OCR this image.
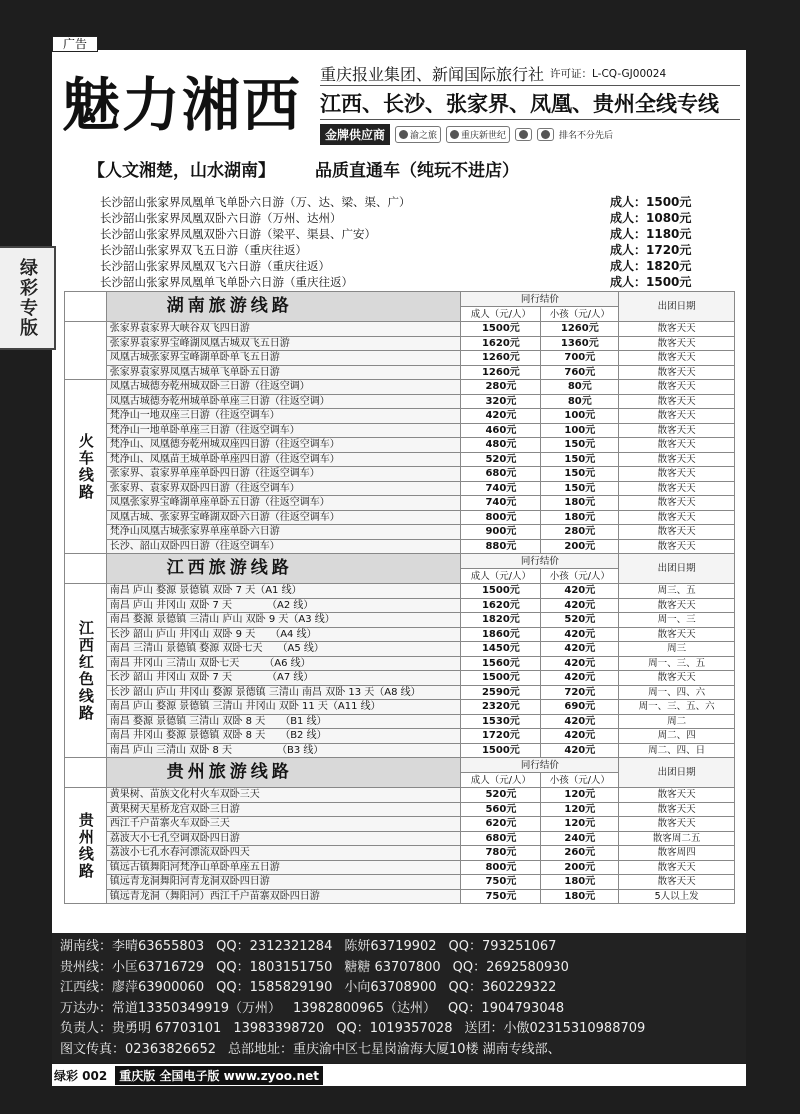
广告
绿彩专版
魅力湘西	重庆报业集团、新闻国际旅行社 许可证：L-CQ-GJ00024
江西、长沙、张家界、凤凰、贵州全线专线
金牌供应商	渝之旅	重庆新世纪	排名不分先后
【人文湘楚，山水湖南】 品质直通车（纯玩不进店）
长沙韶山张家界凤凰单飞单卧六日游（万、达、梁、渠、广）	成人：1500元
长沙韶山张家界凤凰双卧六日游（万州、达州）	成人：1080元
长沙韶山张家界凤凰双卧六日游（梁平、渠县、广安）	成人：1180元
长沙韶山张家界双飞五日游（重庆往返）	成人：1720元
长沙韶山张家界凤凰双飞六日游（重庆往返）	成人：1820元
长沙韶山张家界凤凰单飞单卧六日游（重庆往返）	成人：1500元
	湖南旅游线路	同行结价		出团日期
		成人（元/人）	小孩（元/人）	
	张家界袁家界大峡谷双飞四日游	1500元	1260元	散客天天
	张家界袁家界宝峰湖凤凰古城双飞五日游	1620元	1360元	散客天天
	凤凰古城张家界宝峰湖单卧单飞五日游	1260元	700元	散客天天
	张家界袁家界凤凰古城单飞单卧五日游	1260元	760元	散客天天
火车线路	凤凰古城德夯乾州城双卧三日游（往返空调）	280元	80元	散客天天
	凤凰古城德夯乾州城单卧单座三日游（往返空调）	320元	80元	散客天天
	梵净山一地双座三日游（往返空调车）	420元	100元	散客天天
	梵净山一地单卧单座三日游（往返空调车）	460元	100元	散客天天
	梵净山、凤凰德夯乾州城双座四日游（往返空调车）	480元	150元	散客天天
	梵净山、凤凰苗王城单卧单座四日游（往返空调车）	520元	150元	散客天天
	张家界、袁家界单座单卧四日游（往返空调车）	680元	150元	散客天天
	张家界、袁家界双卧四日游（往返空调车）	740元	150元	散客天天
	凤凰张家界宝峰湖单座单卧五日游（往返空调车）	740元	180元	散客天天
	凤凰古城、张家界宝峰湖双卧六日游（往返空调车）	800元	180元	散客天天
	梵净山凤凰古城张家界单座单卧六日游	900元	280元	散客天天
	长沙、韶山双卧四日游（往返空调车）	880元	200元	散客天天
	江西旅游线路	同行结价		出团日期
		成人（元/人）	小孩（元/人）	
江西红色线路	南昌 庐山 婺源 景德镇 双卧 7 天（A1 线）	1500元	420元	周三、五
	南昌 庐山 井冈山 双卧 7 天　　　　（A2 线）	1620元	420元	散客天天
	南昌 婺源 景德镇 三清山 庐山 双卧 9 天（A3 线）	1820元	520元	周一、三
	长沙 韶山 庐山 井冈山 双卧 9 天　　（A4 线）	1860元	420元	散客天天
	南昌 三清山 景德镇 婺源 双卧七天　　（A5 线）	1450元	420元	周三
	南昌 井冈山 三清山 双卧七天　　　（A6 线）	1560元	420元	周一、三、五
	长沙 韶山 井冈山 双卧 7 天　　　　（A7 线）	1500元	420元	散客天天
	长沙 韶山 庐山 井冈山 婺源 景德镇 三清山 南昌 双卧 13 天（A8 线）	2590元	720元	周一、四、六
	南昌 庐山 婺源 景德镇 三清山 井冈山 双卧 11 天（A11 线）	2320元	690元	周一、三、五、六
	南昌 婺源 景德镇 三清山 双卧 8 天　　（B1 线）	1530元	420元	周二
	南昌 井冈山 婺源 景德镇 双卧 8 天　　（B2 线）	1720元	420元	周二、四
	南昌 庐山 三清山 双卧 8 天　　　　　（B3 线）	1500元	420元	周二、四、日
	贵州旅游线路	同行结价		出团日期
		成人（元/人）	小孩（元/人）	
贵州线路	黄果树、苗族文化村火车双卧三天	520元	120元	散客天天
	黄果树天星桥龙宫双卧三日游	560元	120元	散客天天
	西江千户苗寨火车双卧三天	620元	120元	散客天天
	荔波大小七孔空调双卧四日游	680元	240元	散客周二五
	荔波小七孔水春河漂流双卧四天	780元	260元	散客周四
	镇远古镇舞阳河梵净山单卧单座五日游	800元	200元	散客天天
	镇远青龙洞舞阳河青龙洞双卧四日游	750元	180元	散客天天
	镇远青龙洞（舞阳河）西江千户苗寨双卧四日游	750元	180元	5人以上发
湖南线：李晴63655803 QQ：2312321284 陈妍63719902 QQ：793251067
贵州线：小匡63716729 QQ：1803151750 糖糖 63707800 QQ：2692580930
江西线：廖萍63900060 QQ：1585829190 小向63708900 QQ：360229322
万达办：常道13350349919（万州） 13982800965（达州） QQ：1904793048
负责人：贵勇明 67703101 13983398720 QQ：1019357028 送团：小傲02315310988709
图文传真：02363826652 总部地址：重庆渝中区七星岗渝海大厦10楼 湖南专线部、
绿彩 002	重庆版 全国电子版 www.zyoo.net
